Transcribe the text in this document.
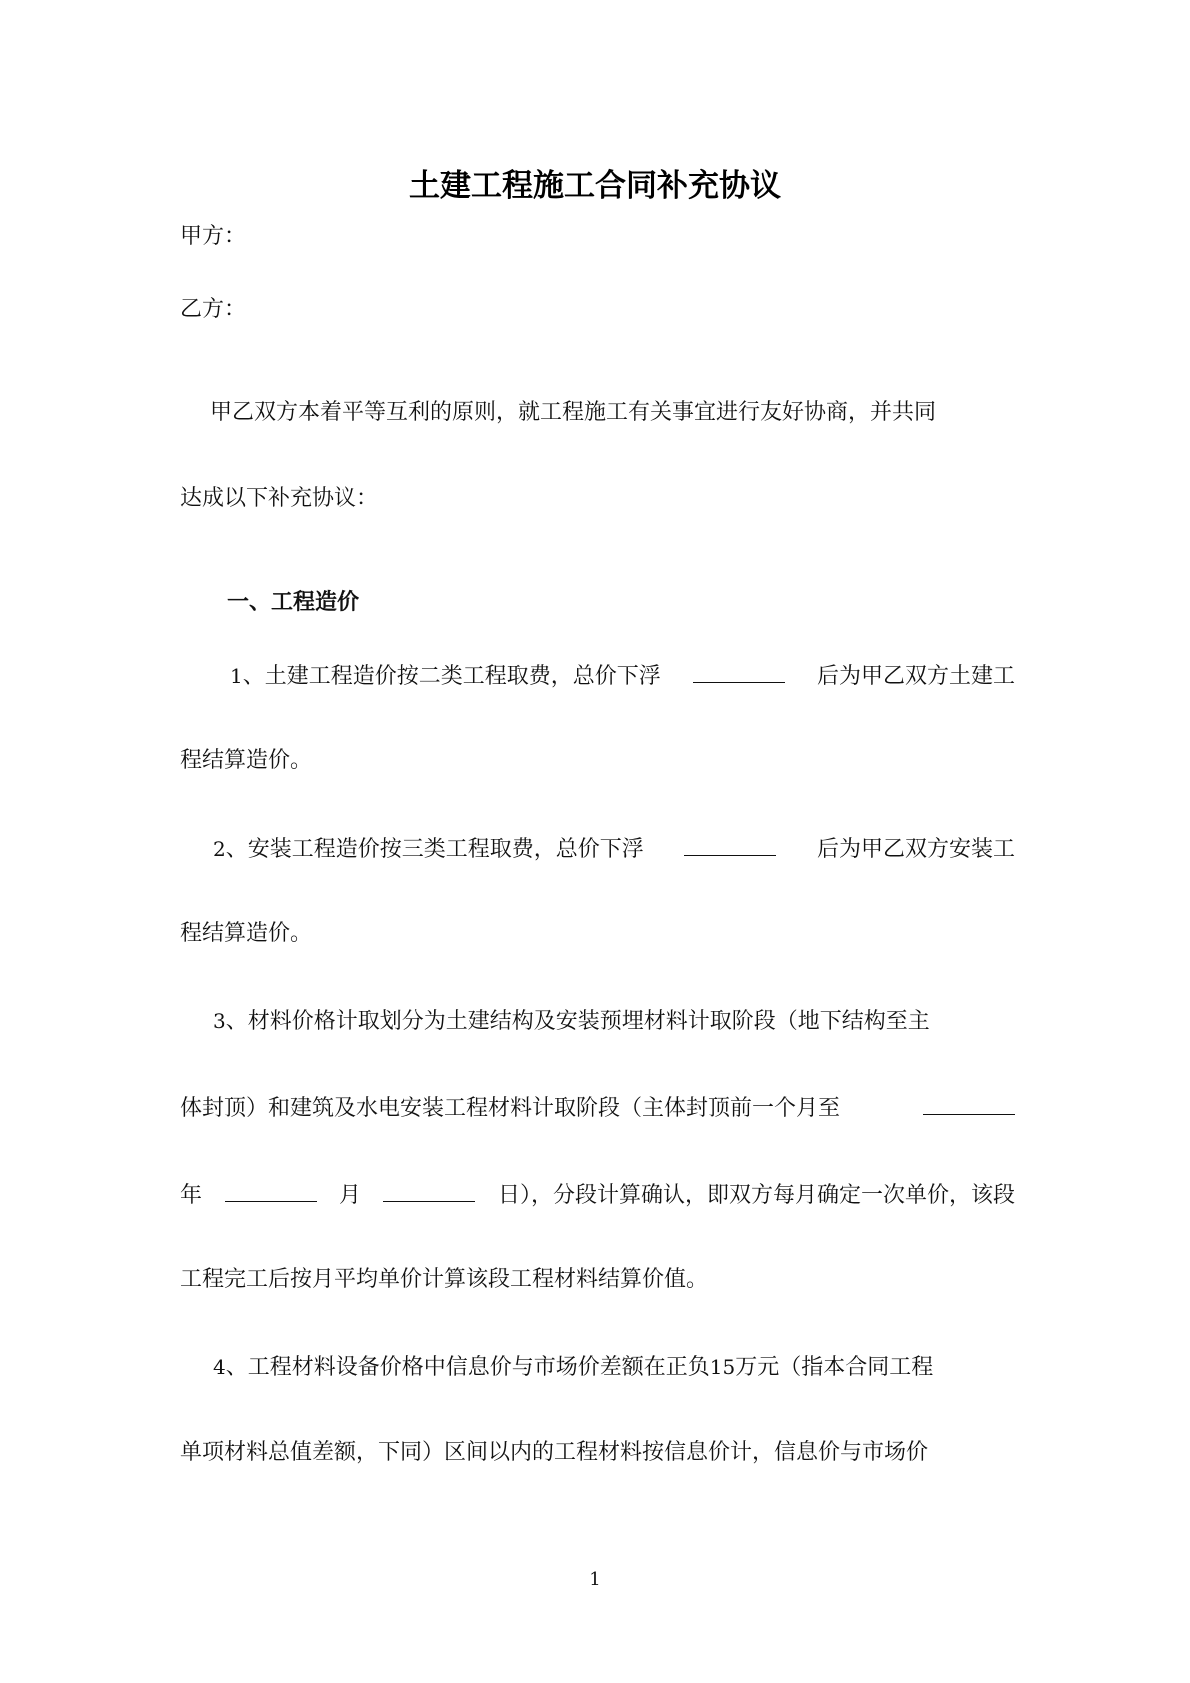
土建工程施工合同补充协议
甲方：
乙方：
甲乙双方本着平等互利的原则，就工程施工有关事宜进行友好协商，并共同
达成以下补充协议：
一、工程造价
1、土建工程造价按二类工程取费，总价下浮	后为甲乙双方土建工
程结算造价。
2、安装工程造价按三类工程取费，总价下浮	后为甲乙双方安装工
程结算造价。
3、材料价格计取划分为土建结构及安装预埋材料计取阶段（地下结构至主
体封顶）和建筑及水电安装工程材料计取阶段（主体封顶前一个月至
年	月	日），分段计算确认，即双方每月确定一次单价，该段
工程完工后按月平均单价计算该段工程材料结算价值。
4、工程材料设备价格中信息价与市场价差额在正负15万元（指本合同工程
单项材料总值差额，下同）区间以内的工程材料按信息价计，信息价与市场价
1
